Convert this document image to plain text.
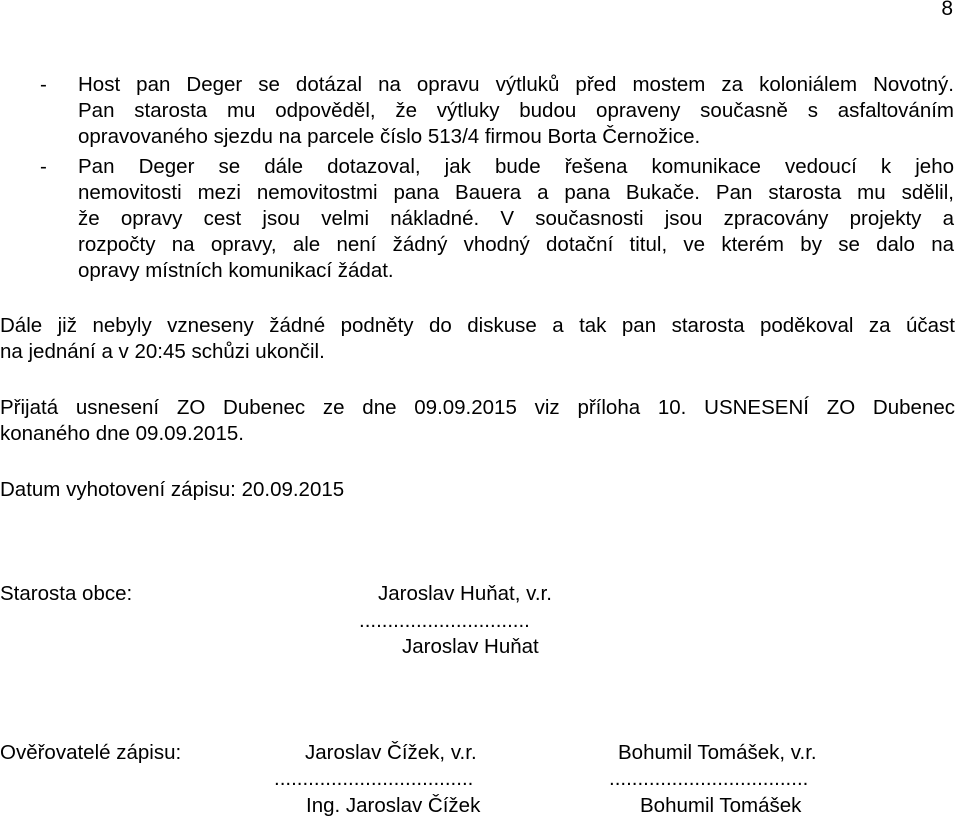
8
- Host pan Deger se dotázal na opravu výtluků před mostem za koloniálem Novotný.
Pan starosta mu odpověděl, že výtluky budou opraveny současně s asfaltováním
opravovaného sjezdu na parcele číslo 513/4 firmou Borta Černožice.
- Pan Deger se dále dotazoval, jak bude řešena komunikace vedoucí k jeho
nemovitosti mezi nemovitostmi pana Bauera a pana Bukače. Pan starosta mu sdělil,
že opravy cest jsou velmi nákladné. V současnosti jsou zpracovány projekty a
rozpočty na opravy, ale není žádný vhodný dotační titul, ve kterém by se dalo na
opravy místních komunikací žádat.
Dále již nebyly vzneseny žádné podněty do diskuse a tak pan starosta poděkoval za účast
na jednání a v 20:45 schůzi ukončil.
Přijatá usnesení ZO Dubenec ze dne 09.09.2015 viz příloha 10. USNESENÍ ZO Dubenec
konaného dne 09.09.2015.
Datum vyhotovení zápisu: 20.09.2015
Starosta obce:	Jaroslav Huňat, v.r.
..............................
Jaroslav Huňat
Ověřovatelé zápisu:	Jaroslav Čížek, v.r.
...................................
Ing. Jaroslav Čížek
Bohumil Tomášek, v.r.
...................................
Bohumil Tomášek
